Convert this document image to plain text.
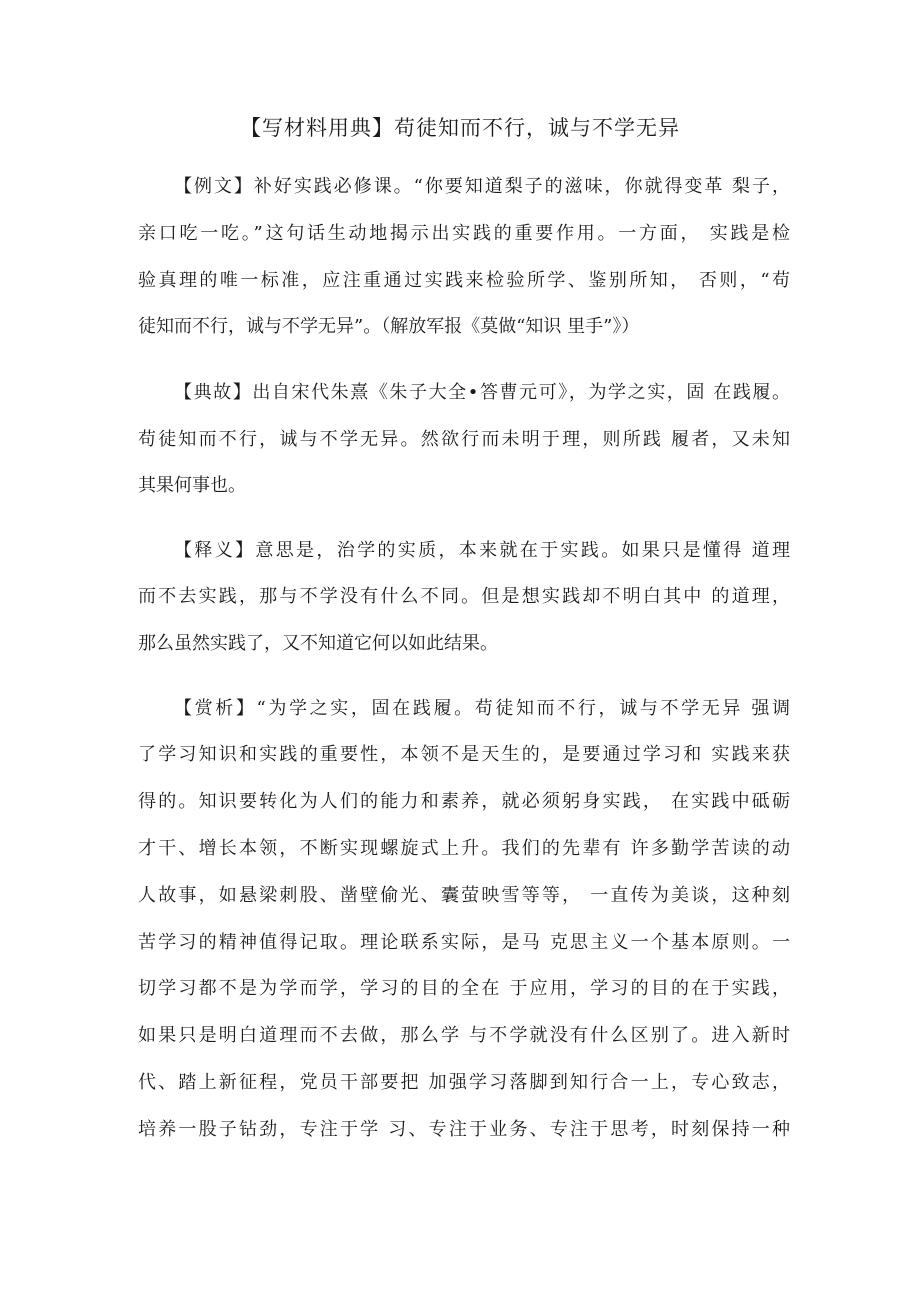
【写材料用典】苟徒知而不行，诚与不学无异
【例文】补好实践必修课。“你要知道梨子的滋味，你就得变革 梨子，
亲口吃一吃。”这句话生动地揭示出实践的重要作用。一方面， 实践是检
验真理的唯一标准，应注重通过实践来检验所学、鉴别所知， 否则，“苟
徒知而不行，诚与不学无异”。（解放军报《莫做“知识 里手”》）
【典故】出自宋代朱熹《朱子大全•答曹元可》，为学之实，固 在践履。
苟徒知而不行，诚与不学无异。然欲行而未明于理，则所践 履者，又未知
其果何事也。
【释义】意思是，治学的实质，本来就在于实践。如果只是懂得 道理
而不去实践，那与不学没有什么不同。但是想实践却不明白其中 的道理，
那么虽然实践了，又不知道它何以如此结果。
【赏析】“为学之实，固在践履。苟徒知而不行，诚与不学无异 强调
了学习知识和实践的重要性，本领不是天生的，是要通过学习和 实践来获
得的。知识要转化为人们的能力和素养，就必须躬身实践， 在实践中砥砺
才干、增长本领，不断实现螺旋式上升。我们的先辈有 许多勤学苦读的动
人故事，如悬梁刺股、凿壁偷光、囊萤映雪等等， 一直传为美谈，这种刻
苦学习的精神值得记取。理论联系实际，是马 克思主义一个基本原则。一
切学习都不是为学而学，学习的目的全在 于应用，学习的目的在于实践，
如果只是明白道理而不去做，那么学 与不学就没有什么区别了。进入新时
代、踏上新征程，党员干部要把 加强学习落脚到知行合一上，专心致志，
培养一股子钻劲，专注于学 习、专注于业务、专注于思考，时刻保持一种
